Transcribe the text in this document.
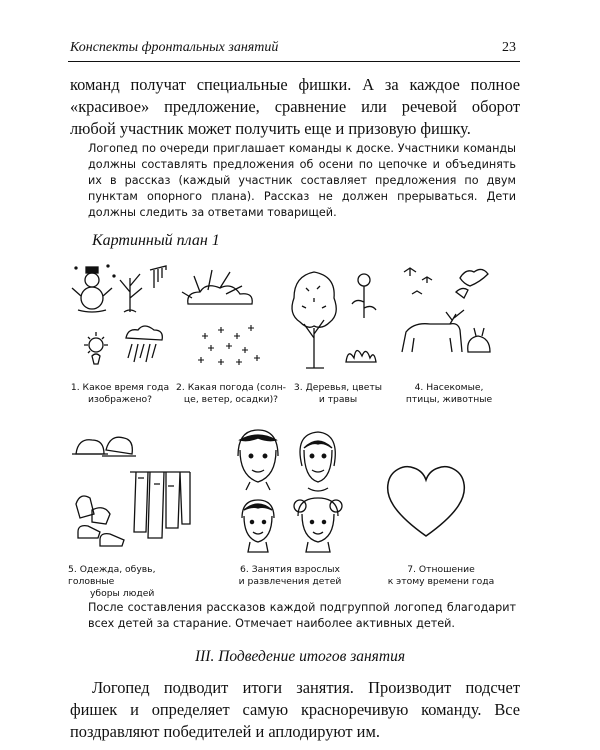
Конспекты фронтальных занятий	23
команд получат специальные фишки. А за каждое полное
«красивое» предложение, сравнение или речевой оборот
любой участник может получить еще и призовую фишку.
Логопед по очереди приглашает команды к доске. Участники команды должны составлять предложения об осени по цепочке и объединять их в рассказ (каждый участник составляет предложения по двум пунктам опорного плана). Рассказ не должен прерываться. Дети должны следить за ответами товарищей.
Картинный план 1
1. Какое время года
изображено?
2. Какая погода (солн-
це, ветер, осадки)?
3. Деревья, цветы
и травы
4. Насекомые,
птицы, животные
5. Одежда, обувь, головные
уборы людей
6. Занятия взрослых
и развлечения детей
7. Отношение
к этому времени года
После составления рассказов каждой подгруппой логопед благодарит всех детей за старание. Отмечает наиболее активных детей.
III. Подведение итогов занятия
Логопед подводит итоги занятия. Производит подсчет фишек и определяет самую красноречивую команду. Все поздравляют победителей и аплодируют им.
